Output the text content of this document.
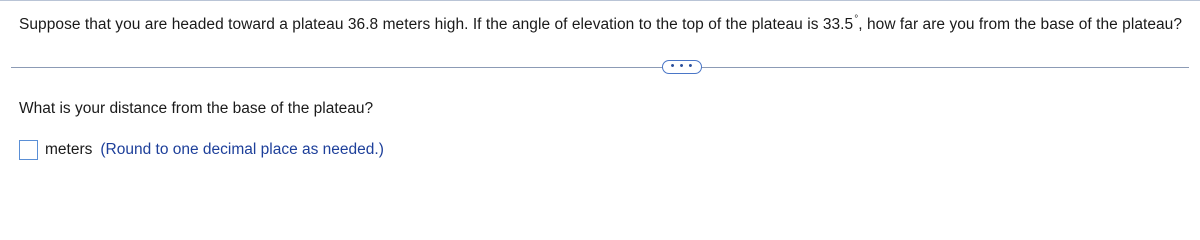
Suppose that you are headed toward a plateau 36.8 meters high. If the angle of elevation to the top of the plateau is 33.5°, how far are you from the base of the plateau?
• • •
What is your distance from the base of the plateau?
meters (Round to one decimal place as needed.)
